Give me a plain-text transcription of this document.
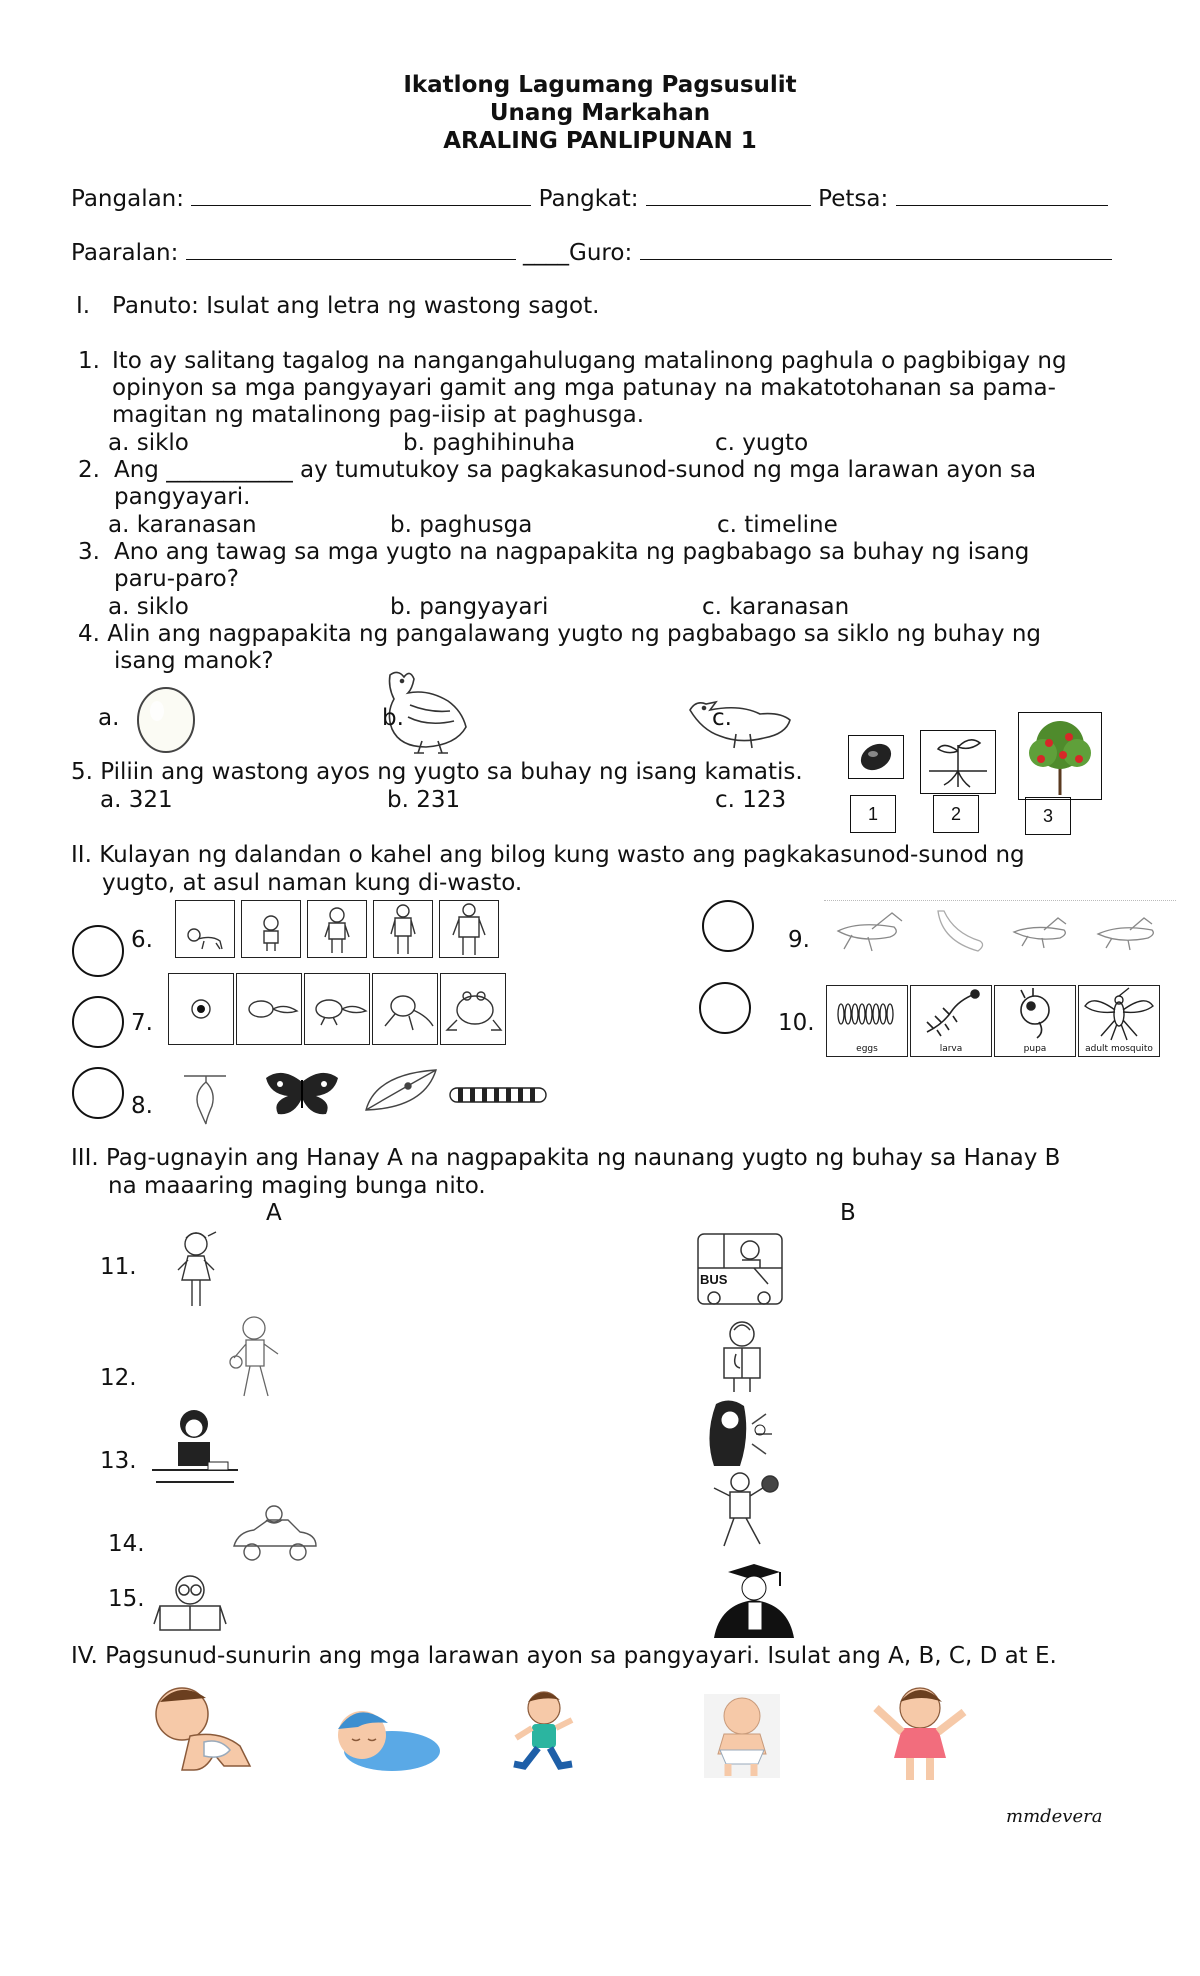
Ikatlong Lagumang Pagsusulit
Unang Markahan
ARALING PANLIPUNAN 1
Pangalan:	Pangkat:	Petsa:
Paaralan:	____Guro:
I. Panuto: Isulat ang letra ng wastong sagot.
1. Ito ay salitang tagalog na nangangahulugang matalinong paghula o pagbibigay ng
opinyon sa mga pangyayari gamit ang mga patunay na makatotohanan sa pama-
magitan ng matalinong pag-iisip at paghusga.
a. siklo	b. paghihinuha	c. yugto
2. Ang ___________ ay tumutukoy sa pagkakasunod-sunod ng mga larawan ayon sa
pangyayari.
a. karanasan	b. paghusga	c. timeline
3. Ano ang tawag sa mga yugto na nagpapakita ng pagbabago sa buhay ng isang
paru-paro?
a. siklo	b. pangyayari	c. karanasan
4. Alin ang nagpapakita ng pangalawang yugto ng pagbabago sa siklo ng buhay ng
isang manok?
a.	b.	c.
5. Piliin ang wastong ayos ng yugto sa buhay ng isang kamatis.
a. 321	b. 231	c. 123
1	2	3
II. Kulayan ng dalandan o kahel ang bilog kung wasto ang pagkakasunod-sunod ng
yugto, at asul naman kung di-wasto.
6.
7.
8.
9.
10.
eggs	larva	pupa	adult mosquito
III. Pag-ugnayin ang Hanay A na nagpapakita ng naunang yugto ng buhay sa Hanay B
na maaaring maging bunga nito.
A	B
11.
12.
13.
14.
15.
BUS
IV. Pagsunud-sunurin ang mga larawan ayon sa pangyayari. Isulat ang A, B, C, D at E.
mmdevera
